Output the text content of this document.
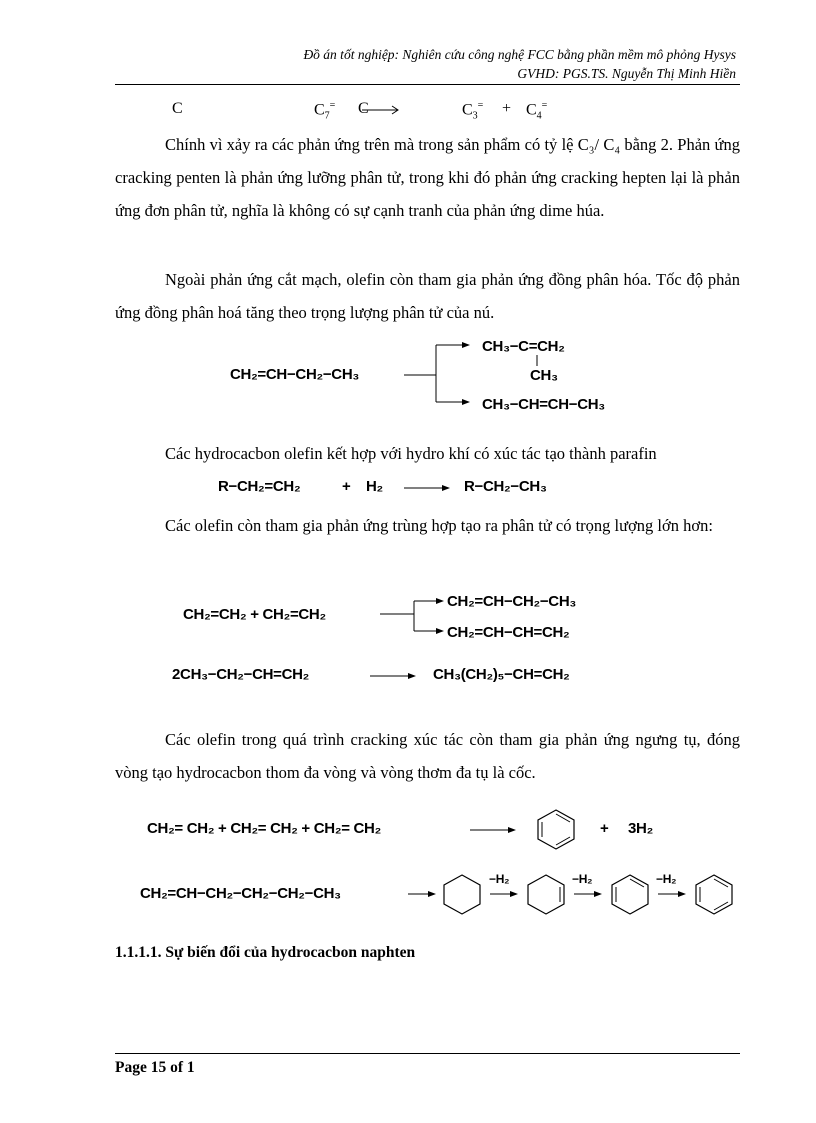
Đồ án tốt nghiệp: Nghiên cứu công nghệ FCC bằng phần mềm mô phỏng Hysys
GVHD: PGS.TS. Nguyễn Thị Minh Hiền
C	$C_7^=$ C	$C_3^= + C_4^=$
Chính vì xảy ra các phản ứng trên mà trong sản phẩm có tỷ lệ C₃/ C₄ bằng 2. Phản ứng cracking penten là phản ứng lưỡng phân tử, trong khi đó phản ứng cracking hepten lại là phản ứng đơn phân tử, nghĩa là không có sự cạnh tranh của phản ứng dime húa.
Ngoài phản ứng cắt mạch, olefin còn tham gia phản ứng đồng phân hóa. Tốc độ phản ứng đồng phân hoá tăng theo trọng lượng phân tử của nú.
CH₂=CH−CH₂−CH₃
CH₃−C=CH₂
CH₃
CH₃−CH=CH−CH₃
Các hydrocacbon olefin kết hợp với hydro khí có xúc tác tạo thành parafin
R−CH₂=CH₂	+ H₂	R−CH₂−CH₃
Các olefin còn tham gia phản ứng trùng hợp tạo ra phân tử có trọng lượng lớn hơn:
CH₂=CH₂ + CH₂=CH₂
CH₂=CH−CH₂−CH₃
CH₂=CH−CH=CH₂
2CH₃−CH₂−CH=CH₂	CH₃(CH₂)₅−CH=CH₂
Các olefin trong quá trình cracking xúc tác còn tham gia phản ứng ngưng tụ, đóng vòng tạo hydrocacbon thom đa vòng và vòng thơm đa tụ là cốc.
CH₂= CH₂ + CH₂= CH₂ + CH₂= CH₂	+ 3H₂
CH₂=CH−CH₂−CH₂−CH₂−CH₃
−H₂	−H₂	−H₂
1.1.1.1. Sự biến đổi của hydrocacbon naphten
Page 15 of 1
